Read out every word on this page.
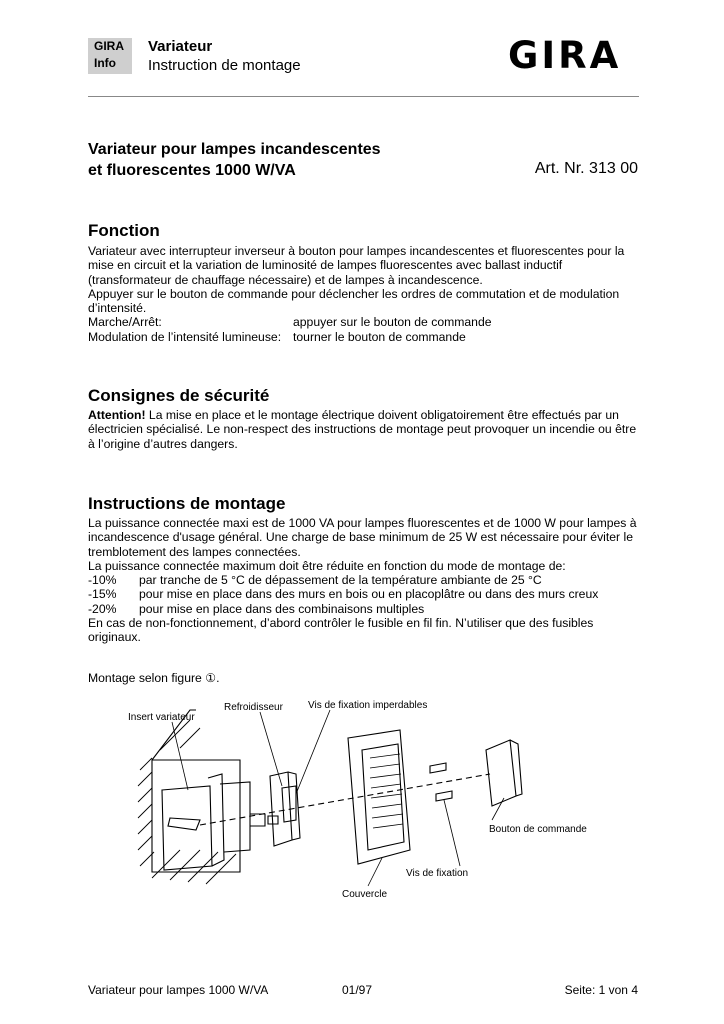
GIRA
Info
Variateur
Instruction de montage	GIRA
Variateur pour lampes incandescentes
et fluorescentes 1000 W/VA	Art. Nr. 313 00
Fonction
Variateur avec interrupteur inverseur à bouton pour lampes incandescentes et fluorescentes pour la mise en circuit et la variation de luminosité de lampes fluorescentes avec ballast inductif (transformateur de chauffage nécessaire) et de lampes à incandescence.
Appuyer sur le bouton de commande pour déclencher les ordres de commutation et de modulation d’intensité.
Marche/Arrêt:	appuyer sur le bouton de commande
Modulation de l’intensité lumineuse: tourner le bouton de commande
Consignes de sécurité
Attention! La mise en place et le montage électrique doivent obligatoirement être effectués par un électricien spécialisé. Le non-respect des instructions de montage peut provoquer un incendie ou être à l’origine d’autres dangers.
Instructions de montage
La puissance connectée maxi est de 1000 VA pour lampes fluorescentes et de 1000 W pour lampes à incandescence d'usage général. Une charge de base minimum de 25 W est nécessaire pour éviter le tremblotement des lampes connectées.
La puissance connectée maximum doit être réduite en fonction du mode de montage de:
-10%	par tranche de 5 °C de dépassement de la température ambiante de 25 °C
-15%	pour mise en place dans des murs en bois ou en placoplâtre ou dans des murs creux
-20%	pour mise en place dans des combinaisons multiples
En cas de non-fonctionnement, d’abord contrôler le fusible en fil fin. N’utiliser que des fusibles originaux.
Montage selon figure ①.
Insert variateur
Refroidisseur	Vis de fixation imperdables
Bouton de commande
Vis de fixation
Couvercle
Variateur pour lampes 1000 W/VA	01/97	Seite: 1 von 4
